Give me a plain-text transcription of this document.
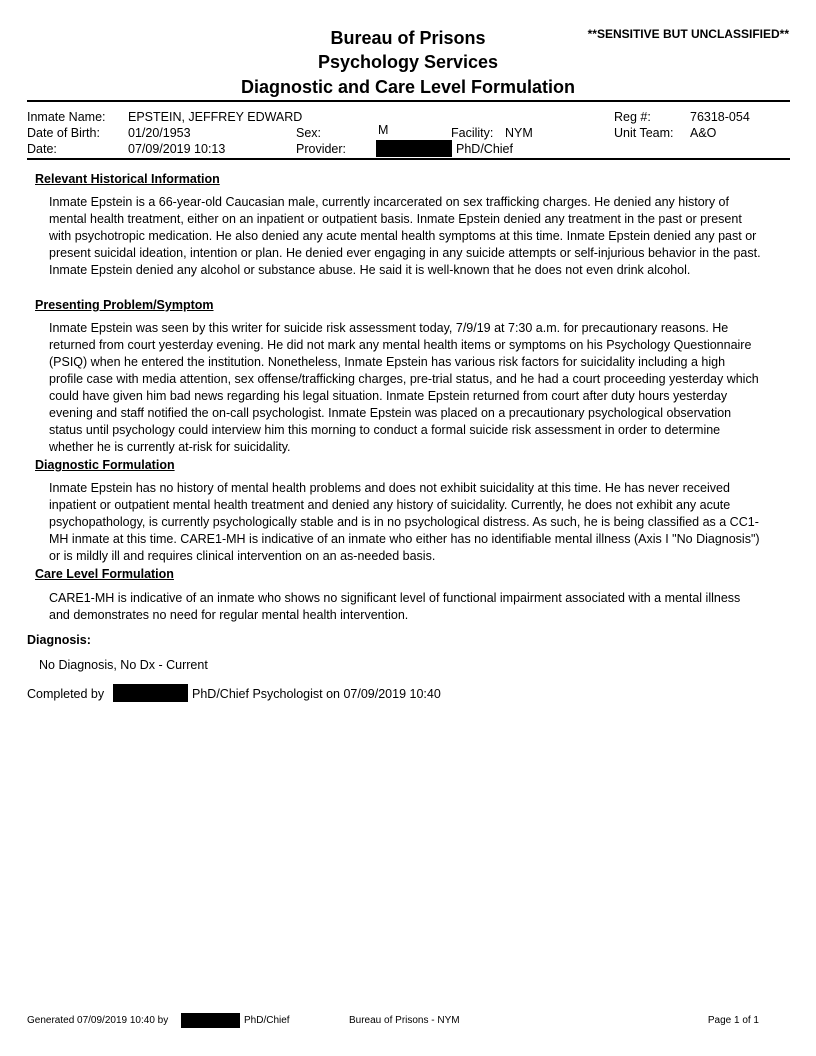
Bureau of Prisons
Psychology Services
Diagnostic and Care Level Formulation
**SENSITIVE BUT UNCLASSIFIED**
Inmate Name: EPSTEIN, JEFFREY EDWARD	Reg #:	76318-054
Date of Birth: 01/20/1953	Sex:	M	Facility: NYM	Unit Team: A&O
Date:	07/09/2019 10:13	Provider:	PhD/Chief
Relevant Historical Information
Inmate Epstein is a 66-year-old Caucasian male, currently incarcerated on sex trafficking charges. He denied any history of mental health treatment, either on an inpatient or outpatient basis. Inmate Epstein denied any treatment in the past or present with psychotropic medication. He also denied any acute mental health symptoms at this time. Inmate Epstein denied any past or present suicidal ideation, intention or plan. He denied ever engaging in any suicide attempts or self-injurious behavior in the past. Inmate Epstein denied any alcohol or substance abuse. He said it is well-known that he does not even drink alcohol.
Presenting Problem/Symptom
Inmate Epstein was seen by this writer for suicide risk assessment today, 7/9/19 at 7:30 a.m. for precautionary reasons. He returned from court yesterday evening. He did not mark any mental health items or symptoms on his Psychology Questionnaire (PSIQ) when he entered the institution. Nonetheless, Inmate Epstein has various risk factors for suicidality including a high profile case with media attention, sex offense/trafficking charges, pre-trial status, and he had a court proceeding yesterday which could have given him bad news regarding his legal situation. Inmate Epstein returned from court after duty hours yesterday evening and staff notified the on-call psychologist. Inmate Epstein was placed on a precautionary psychological observation status until psychology could interview him this morning to conduct a formal suicide risk assessment in order to determine whether he is currently at-risk for suicidality.
Diagnostic Formulation
Inmate Epstein has no history of mental health problems and does not exhibit suicidality at this time. He has never received inpatient or outpatient mental health treatment and denied any history of suicidality. Currently, he does not exhibit any acute psychopathology, is currently psychologically stable and is in no psychological distress. As such, he is being classified as a CC1-MH inmate at this time. CARE1-MH is indicative of an inmate who either has no identifiable mental illness (Axis I "No Diagnosis") or is mildly ill and requires clinical intervention on an as-needed basis.
Care Level Formulation
CARE1-MH is indicative of an inmate who shows no significant level of functional impairment associated with a mental illness and demonstrates no need for regular mental health intervention.
Diagnosis:
No Diagnosis, No Dx - Current
Completed by	PhD/Chief Psychologist on 07/09/2019 10:40
Generated 07/09/2019 10:40 by	PhD/Chief	Bureau of Prisons - NYM	Page 1 of 1
